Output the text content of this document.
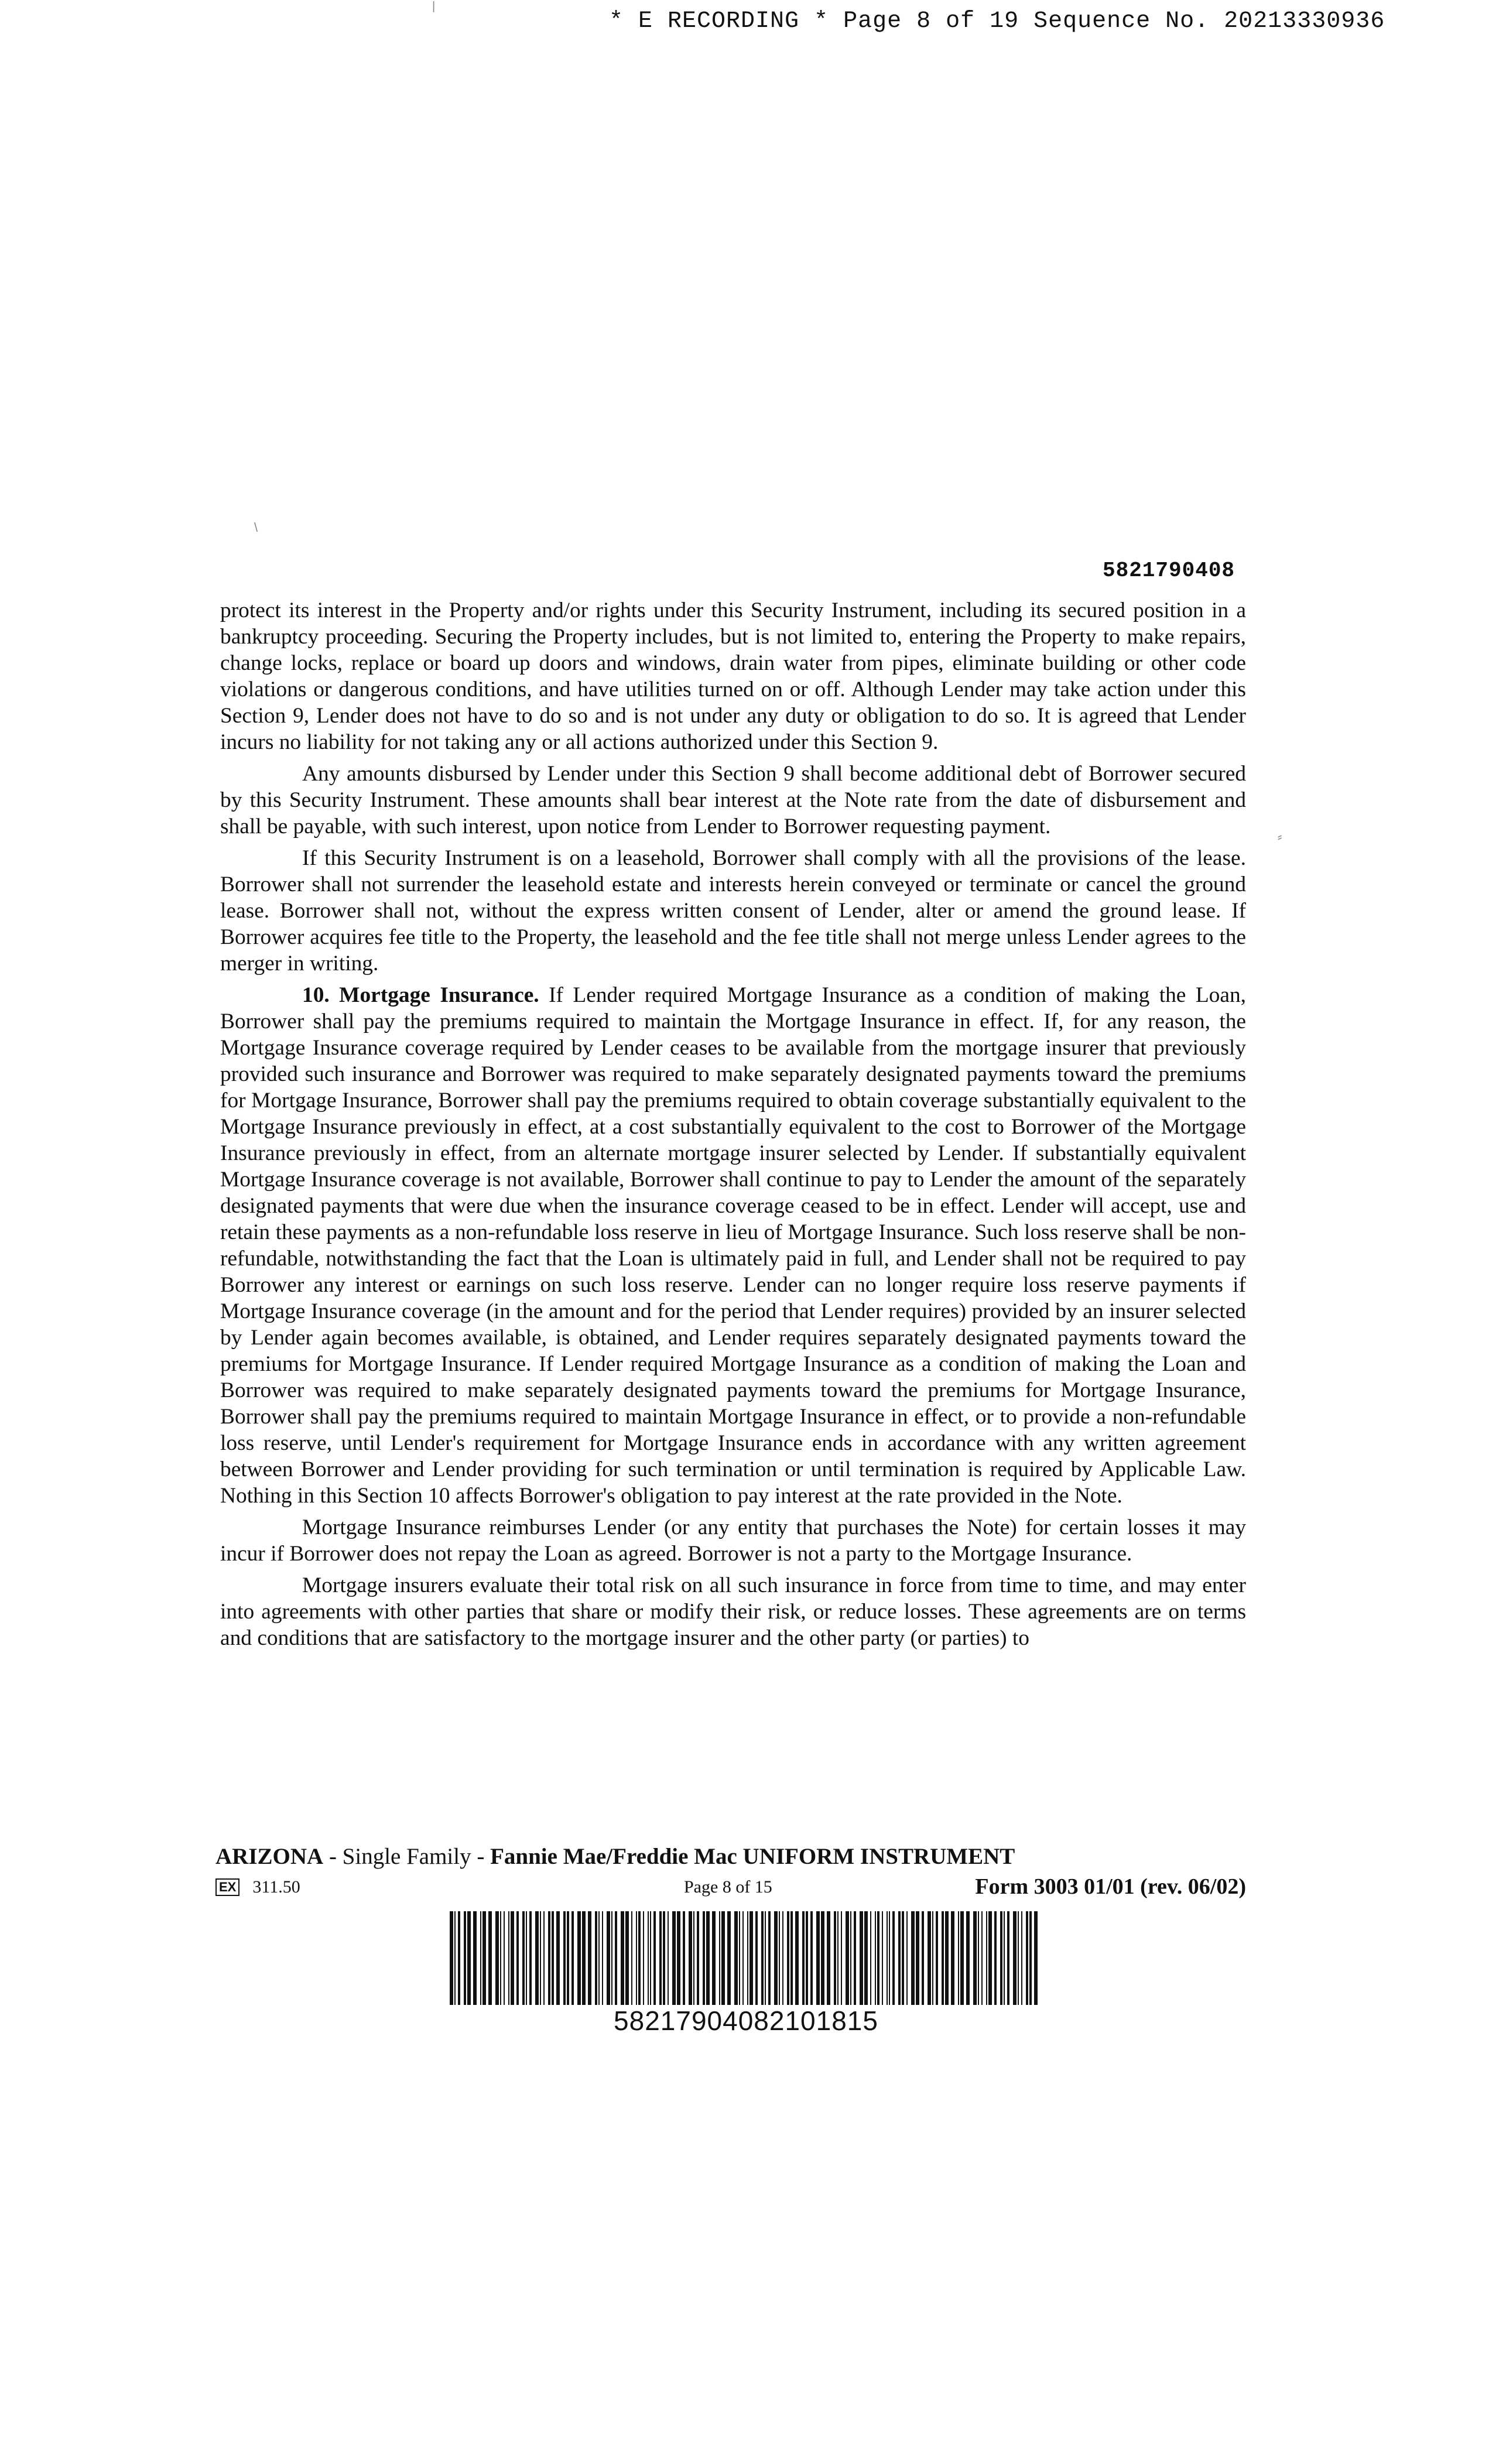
* E RECORDING * Page 8 of 19 Sequence No. 20213330936
5821790408

protect its interest in the Property and/or rights under this Security Instrument, including its secured position in a bankruptcy proceeding. Securing the Property includes, but is not limited to, entering the Property to make repairs, change locks, replace or board up doors and windows, drain water from pipes, eliminate building or other code violations or dangerous conditions, and have utilities turned on or off. Although Lender may take action under this Section 9, Lender does not have to do so and is not under any duty or obligation to do so. It is agreed that Lender incurs no liability for not taking any or all actions authorized under this Section 9.

Any amounts disbursed by Lender under this Section 9 shall become additional debt of Borrower secured by this Security Instrument. These amounts shall bear interest at the Note rate from the date of disbursement and shall be payable, with such interest, upon notice from Lender to Borrower requesting payment.

If this Security Instrument is on a leasehold, Borrower shall comply with all the provisions of the lease. Borrower shall not surrender the leasehold estate and interests herein conveyed or terminate or cancel the ground lease. Borrower shall not, without the express written consent of Lender, alter or amend the ground lease. If Borrower acquires fee title to the Property, the leasehold and the fee title shall not merge unless Lender agrees to the merger in writing.

10. Mortgage Insurance. If Lender required Mortgage Insurance as a condition of making the Loan, Borrower shall pay the premiums required to maintain the Mortgage Insurance in effect. If, for any reason, the Mortgage Insurance coverage required by Lender ceases to be available from the mortgage insurer that previously provided such insurance and Borrower was required to make separately designated payments toward the premiums for Mortgage Insurance, Borrower shall pay the premiums required to obtain coverage substantially equivalent to the Mortgage Insurance previously in effect, at a cost substantially equivalent to the cost to Borrower of the Mortgage Insurance previously in effect, from an alternate mortgage insurer selected by Lender. If substantially equivalent Mortgage Insurance coverage is not available, Borrower shall continue to pay to Lender the amount of the separately designated payments that were due when the insurance coverage ceased to be in effect. Lender will accept, use and retain these payments as a non-refundable loss reserve in lieu of Mortgage Insurance. Such loss reserve shall be non-refundable, notwithstanding the fact that the Loan is ultimately paid in full, and Lender shall not be required to pay Borrower any interest or earnings on such loss reserve. Lender can no longer require loss reserve payments if Mortgage Insurance coverage (in the amount and for the period that Lender requires) provided by an insurer selected by Lender again becomes available, is obtained, and Lender requires separately designated payments toward the premiums for Mortgage Insurance. If Lender required Mortgage Insurance as a condition of making the Loan and Borrower was required to make separately designated payments toward the premiums for Mortgage Insurance, Borrower shall pay the premiums required to maintain Mortgage Insurance in effect, or to provide a non-refundable loss reserve, until Lender's requirement for Mortgage Insurance ends in accordance with any written agreement between Borrower and Lender providing for such termination or until termination is required by Applicable Law. Nothing in this Section 10 affects Borrower's obligation to pay interest at the rate provided in the Note.

Mortgage Insurance reimburses Lender (or any entity that purchases the Note) for certain losses it may incur if Borrower does not repay the Loan as agreed. Borrower is not a party to the Mortgage Insurance.

Mortgage insurers evaluate their total risk on all such insurance in force from time to time, and may enter into agreements with other parties that share or modify their risk, or reduce losses. These agreements are on terms and conditions that are satisfactory to the mortgage insurer and the other party (or parties) to

ARIZONA - Single Family - Fannie Mae/Freddie Mac UNIFORM INSTRUMENT
EX 311.50	Page 8 of 15	Form 3003 01/01 (rev. 06/02)
58217904082101815
|
\
⸗
